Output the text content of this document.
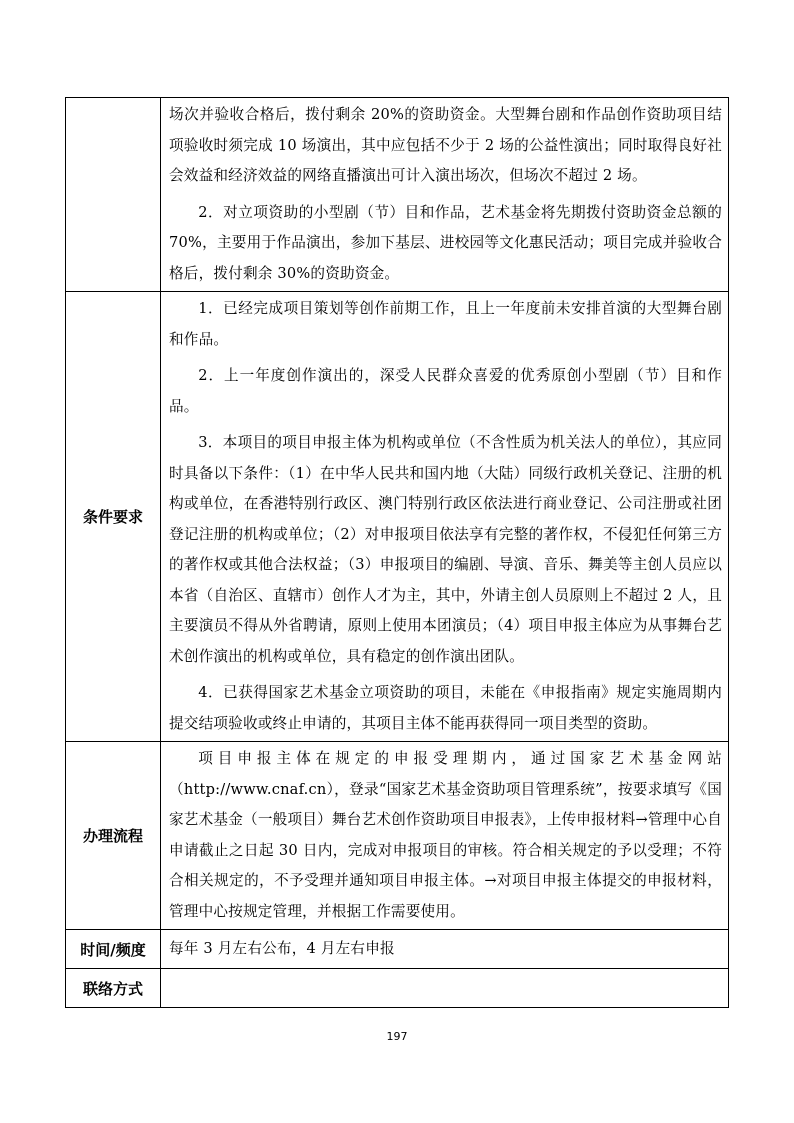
	场次并验收合格后，拨付剩余 20%的资助资金。大型舞台剧和作品创作资助项目结项验收时须完成 10 场演出，其中应包括不少于 2 场的公益性演出；同时取得良好社会效益和经济效益的网络直播演出可计入演出场次，但场次不超过 2 场。

2．对立项资助的小型剧（节）目和作品，艺术基金将先期拨付资助资金总额的 70%，主要用于作品演出，参加下基层、进校园等文化惠民活动；项目完成并验收合格后，拨付剩余 30%的资助资金。

条件要求	1．已经完成项目策划等创作前期工作，且上一年度前未安排首演的大型舞台剧和作品。

2．上一年度创作演出的，深受人民群众喜爱的优秀原创小型剧（节）目和作品。

3．本项目的项目申报主体为机构或单位（不含性质为机关法人的单位），其应同时具备以下条件：（1）在中华人民共和国内地（大陆）同级行政机关登记、注册的机构或单位，在香港特别行政区、澳门特别行政区依法进行商业登记、公司注册或社团登记注册的机构或单位；（2）对申报项目依法享有完整的著作权，不侵犯任何第三方的著作权或其他合法权益；（3）申报项目的编剧、导演、音乐、舞美等主创人员应以本省（自治区、直辖市）创作人才为主，其中，外请主创人员原则上不超过 2 人，且主要演员不得从外省聘请，原则上使用本团演员；（4）项目申报主体应为从事舞台艺术创作演出的机构或单位，具有稳定的创作演出团队。

4．已获得国家艺术基金立项资助的项目，未能在《申报指南》规定实施周期内提交结项验收或终止申请的，其项目主体不能再获得同一项目类型的资助。

办理流程	项目申报主体在规定的申报受理期内，通过国家艺术基金网站（http://www.cnaf.cn），登录“国家艺术基金资助项目管理系统”，按要求填写《国家艺术基金（一般项目）舞台艺术创作资助项目申报表》，上传申报材料→管理中心自申请截止之日起 30 日内，完成对申报项目的审核。符合相关规定的予以受理；不符合相关规定的，不予受理并通知项目申报主体。→对项目申报主体提交的申报材料，管理中心按规定管理，并根据工作需要使用。

时间/频度	每年 3 月左右公布，4 月左右申报
联络方式	
197
